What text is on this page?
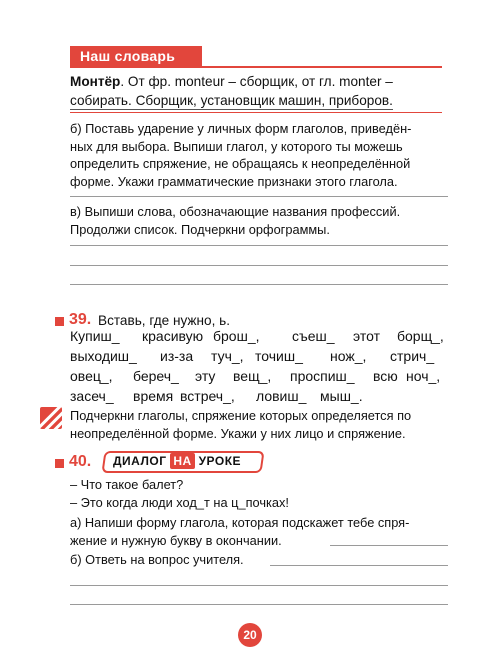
Наш словарь
Монтёр. От фр. monteur – сборщик, от гл. monter –
собирать. Сборщик, установщик машин, приборов.
б) Поставь ударение у личных форм глаголов, приведён-
ных для выбора. Выпиши глагол, у которого ты можешь
определить спряжение, не обращаясь к неопределённой
форме. Укажи грамматические признаки этого глагола.
в) Выпиши слова, обозначающие названия профессий.
Продолжи список. Подчеркни орфограммы.
39. Вставь, где нужно, ь.
Купиш_ красивую брош_, съеш_ этот борщ_,
выходиш_ из-за туч_, точиш_ нож_, стрич_
овец_, береч_ эту вещ_, проспиш_ всю ноч_,
засеч_ время встреч_, ловиш_ мыш_.
Подчеркни глаголы, спряжение которых определяется по
неопределённой форме. Укажи у них лицо и спряжение.
40. ДИАЛОГ НА УРОКЕ
– Что такое балет?
– Это когда люди ход_т на ц_почках!
а) Напиши форму глагола, которая подскажет тебе спря-
жение и нужную букву в окончании.
б) Ответь на вопрос учителя.
20
